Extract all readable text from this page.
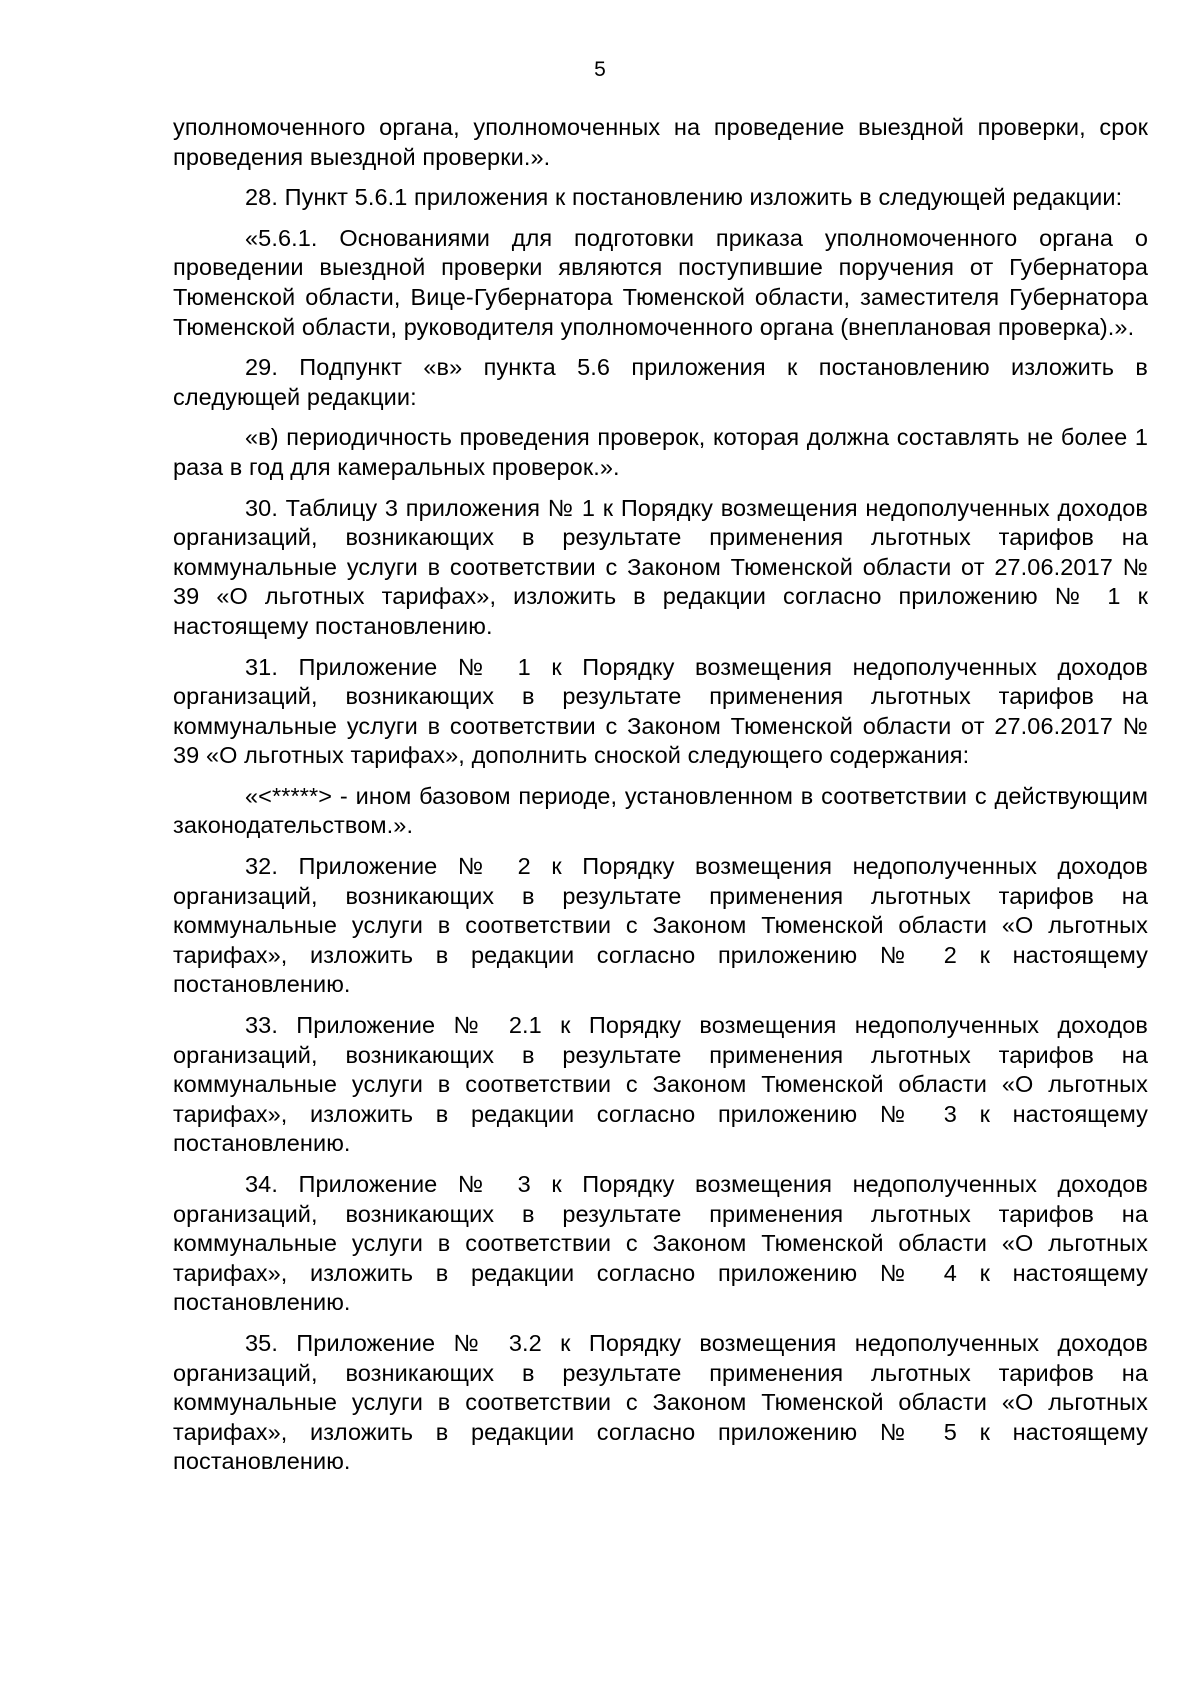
5

уполномоченного органа, уполномоченных на проведение выездной проверки, срок проведения выездной проверки.».

28. Пункт 5.6.1 приложения к постановлению изложить в следующей редакции:

«5.6.1. Основаниями для подготовки приказа уполномоченного органа о проведении выездной проверки являются поступившие поручения от Губернатора Тюменской области, Вице-Губернатора Тюменской области, заместителя Губернатора Тюменской области, руководителя уполномоченного органа (внеплановая проверка).».

29. Подпункт «в» пункта 5.6 приложения к постановлению изложить в следующей редакции:

«в) периодичность проведения проверок, которая должна составлять не более 1 раза в год для камеральных проверок.».

30. Таблицу 3 приложения № 1 к Порядку возмещения недополученных доходов организаций, возникающих в результате применения льготных тарифов на коммунальные услуги в соответствии с Законом Тюменской области от 27.06.2017 № 39 «О льготных тарифах», изложить в редакции согласно приложению № 1 к настоящему постановлению.

31. Приложение № 1 к Порядку возмещения недополученных доходов организаций, возникающих в результате применения льготных тарифов на коммунальные услуги в соответствии с Законом Тюменской области от 27.06.2017 № 39 «О льготных тарифах», дополнить сноской следующего содержания:

«<*****> - ином базовом периоде, установленном в соответствии с действующим законодательством.».

32. Приложение № 2 к Порядку возмещения недополученных доходов организаций, возникающих в результате применения льготных тарифов на коммунальные услуги в соответствии с Законом Тюменской области «О льготных тарифах», изложить в редакции согласно приложению № 2 к настоящему постановлению.

33. Приложение № 2.1 к Порядку возмещения недополученных доходов организаций, возникающих в результате применения льготных тарифов на коммунальные услуги в соответствии с Законом Тюменской области «О льготных тарифах», изложить в редакции согласно приложению № 3 к настоящему постановлению.

34. Приложение № 3 к Порядку возмещения недополученных доходов организаций, возникающих в результате применения льготных тарифов на коммунальные услуги в соответствии с Законом Тюменской области «О льготных тарифах», изложить в редакции согласно приложению № 4 к настоящему постановлению.

35. Приложение № 3.2 к Порядку возмещения недополученных доходов организаций, возникающих в результате применения льготных тарифов на коммунальные услуги в соответствии с Законом Тюменской области «О льготных тарифах», изложить в редакции согласно приложению № 5 к настоящему постановлению.
